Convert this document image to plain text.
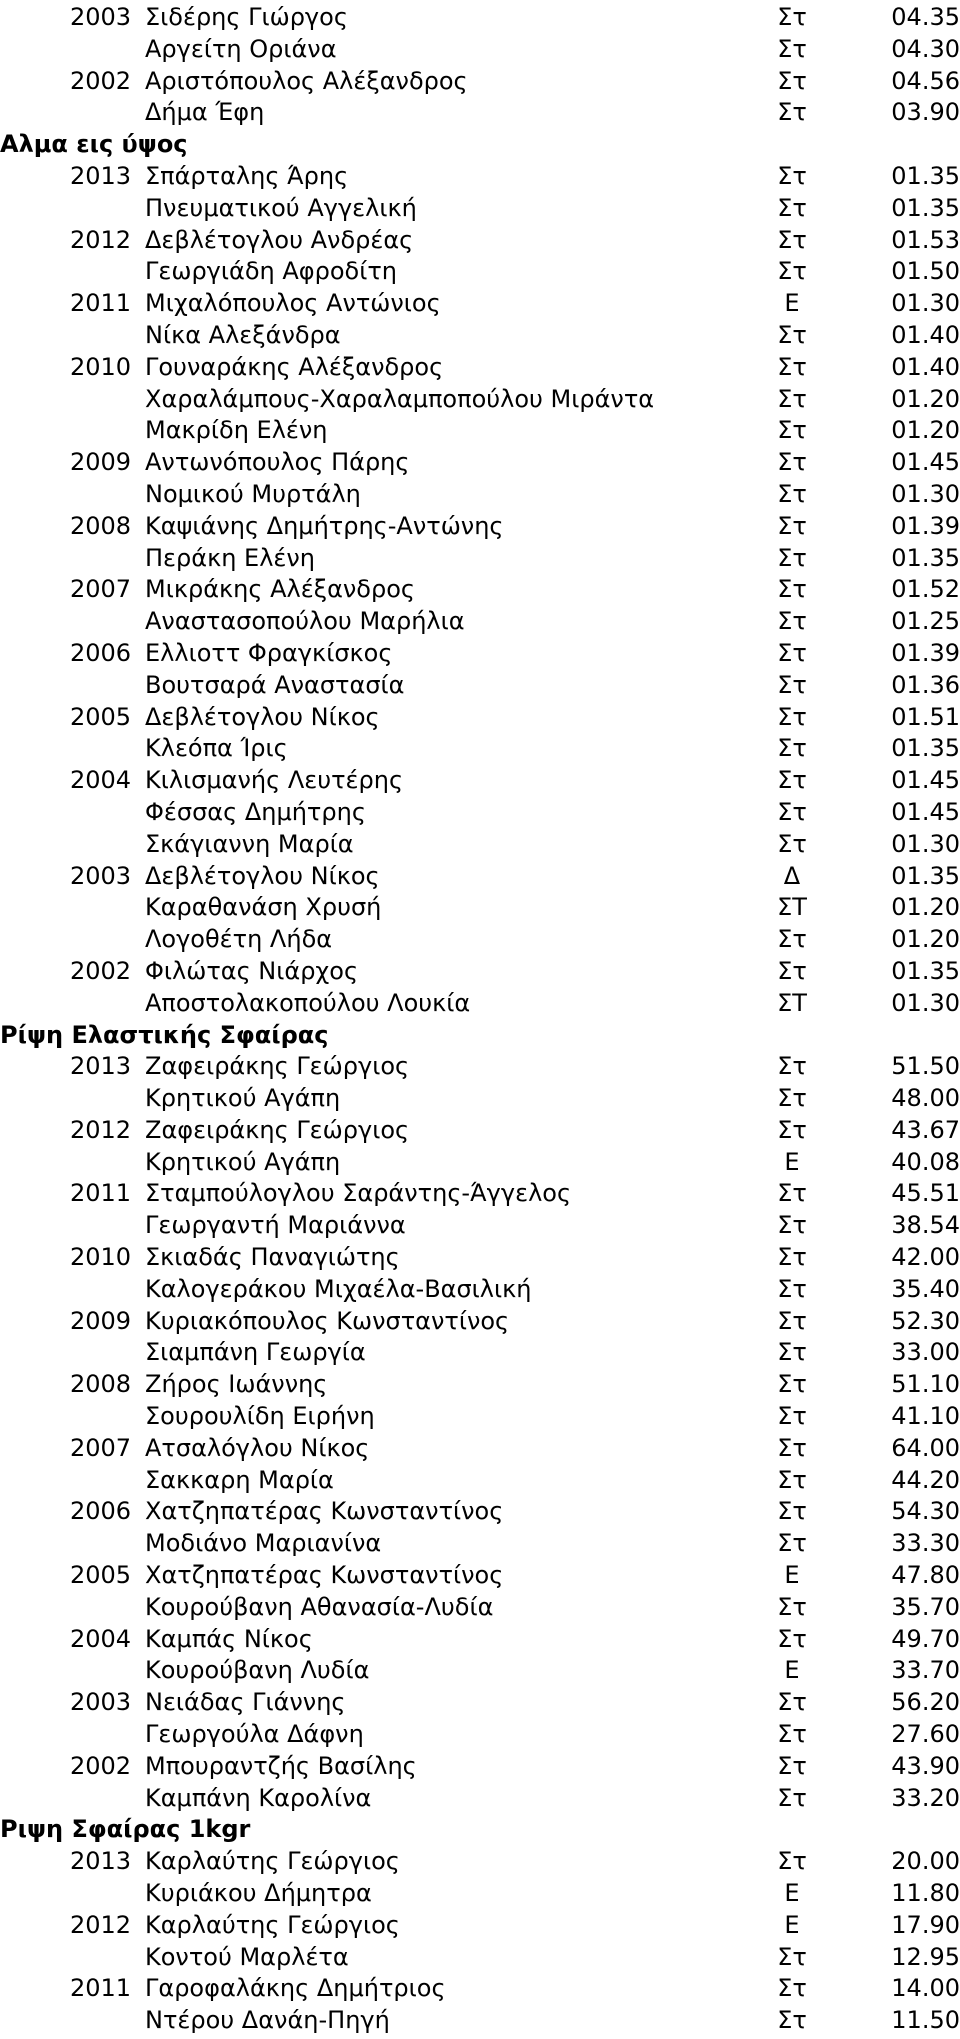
2003 Σιδέρης Γιώργος	Στ	04.35
Αργείτη Οριάνα	Στ	04.30
2002 Αριστόπουλος Αλέξανδρος	Στ	04.56
Δήμα Έφη	Στ	03.90
Αλμα εις ύψος
2013 Σπάρταλης Άρης	Στ	01.35
Πνευματικού Αγγελική	Στ	01.35
2012 Δεβλέτογλου Ανδρέας	Στ	01.53
Γεωργιάδη Αφροδίτη	Στ	01.50
2011 Μιχαλόπουλος Αντώνιος	Ε	01.30
Νίκα Αλεξάνδρα	Στ	01.40
2010 Γουναράκης Αλέξανδρος	Στ	01.40
Χαραλάμπους-Χαραλαμποπούλου Μιράντα	Στ	01.20
Μακρίδη Ελένη	Στ	01.20
2009 Αντωνόπουλος Πάρης	Στ	01.45
Νομικού Μυρτάλη	Στ	01.30
2008 Καψιάνης Δημήτρης-Αντώνης	Στ	01.39
Περάκη Ελένη	Στ	01.35
2007 Μικράκης Αλέξανδρος	Στ	01.52
Αναστασοπούλου Μαρήλια	Στ	01.25
2006 Ελλιοττ Φραγκίσκος	Στ	01.39
Βουτσαρά Αναστασία	Στ	01.36
2005 Δεβλέτογλου Νίκος	Στ	01.51
Κλεόπα Ίρις	Στ	01.35
2004 Κιλισμανής Λευτέρης	Στ	01.45
Φέσσας Δημήτρης	Στ	01.45
Σκάγιαννη Μαρία	Στ	01.30
2003 Δεβλέτογλου Νίκος	Δ	01.35
Καραθανάση Χρυσή	ΣΤ	01.20
Λογοθέτη Λήδα	Στ	01.20
2002 Φιλώτας Νιάρχος	Στ	01.35
Αποστολακοπούλου Λουκία	ΣΤ	01.30
Ρίψη Ελαστικής Σφαίρας
2013 Ζαφειράκης Γεώργιος	Στ	51.50
Κρητικού Αγάπη	Στ	48.00
2012 Ζαφειράκης Γεώργιος	Στ	43.67
Κρητικού Αγάπη	Ε	40.08
2011 Σταμπούλογλου Σαράντης-Άγγελος	Στ	45.51
Γεωργαντή Μαριάννα	Στ	38.54
2010 Σκιαδάς Παναγιώτης	Στ	42.00
Καλογεράκου Μιχαέλα-Βασιλική	Στ	35.40
2009 Κυριακόπουλος Κωνσταντίνος	Στ	52.30
Σιαμπάνη Γεωργία	Στ	33.00
2008 Ζήρος Ιωάννης	Στ	51.10
Σουρουλίδη Ειρήνη	Στ	41.10
2007 Ατσαλόγλου Νίκος	Στ	64.00
Σακκαρη Μαρία	Στ	44.20
2006 Χατζηπατέρας Κωνσταντίνος	Στ	54.30
Μοδιάνο Μαριανίνα	Στ	33.30
2005 Χατζηπατέρας Κωνσταντίνος	Ε	47.80
Κουρούβανη Αθανασία-Λυδία	Στ	35.70
2004 Καμπάς Νίκος	Στ	49.70
Κουρούβανη Λυδία	Ε	33.70
2003 Νειάδας Γιάννης	Στ	56.20
Γεωργούλα Δάφνη	Στ	27.60
2002 Μπουραντζής Βασίλης	Στ	43.90
Καμπάνη Καρολίνα	Στ	33.20
Ριψη Σφαίρας 1kgr
2013 Καρλαύτης Γεώργιος	Στ	20.00
Κυριάκου Δήμητρα	Ε	11.80
2012 Καρλαύτης Γεώργιος	Ε	17.90
Κοντού Μαρλέτα	Στ	12.95
2011 Γαροφαλάκης Δημήτριος	Στ	14.00
Ντέρου Δανάη-Πηγή	Στ	11.50
